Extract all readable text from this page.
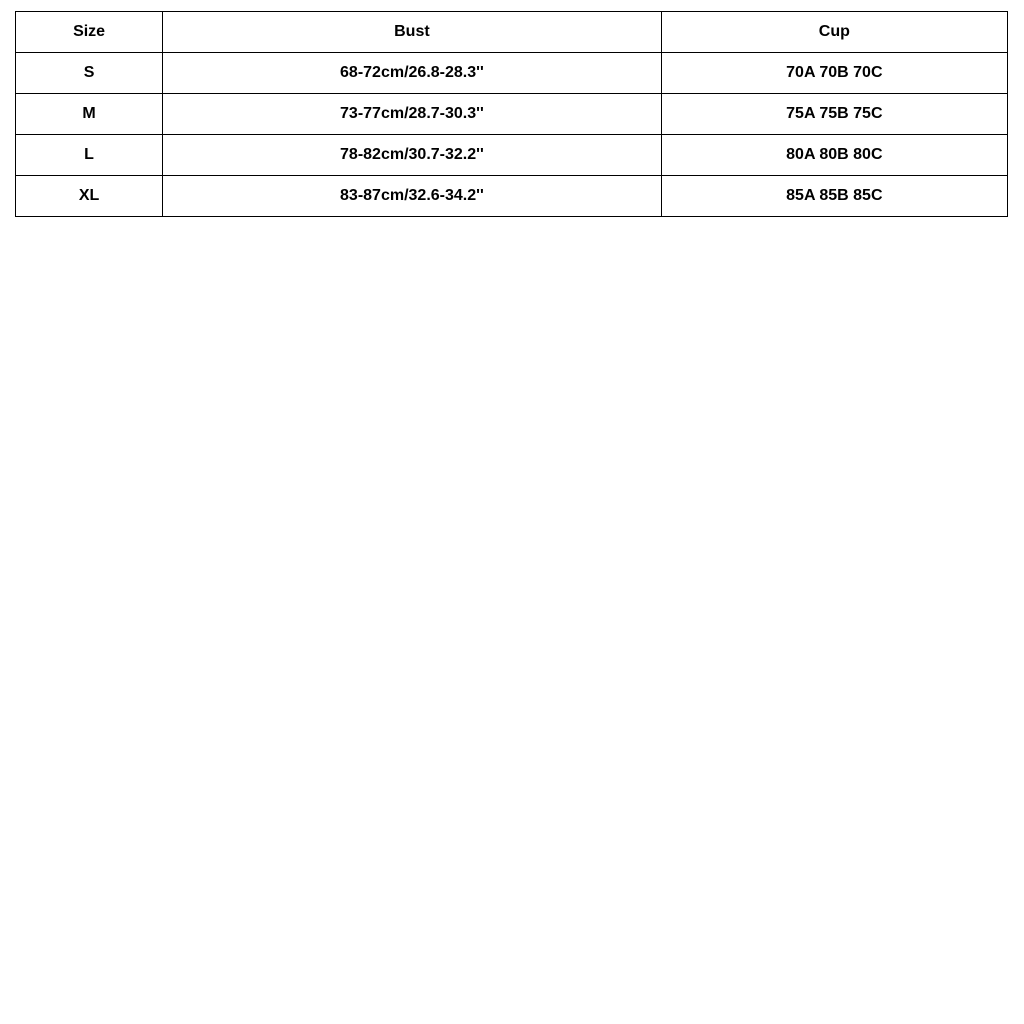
Size	Bust	Cup
S	68-72cm/26.8-28.3''	70A 70B 70C
M	73-77cm/28.7-30.3''	75A 75B 75C
L	78-82cm/30.7-32.2''	80A 80B 80C
XL	83-87cm/32.6-34.2''	85A 85B 85C
